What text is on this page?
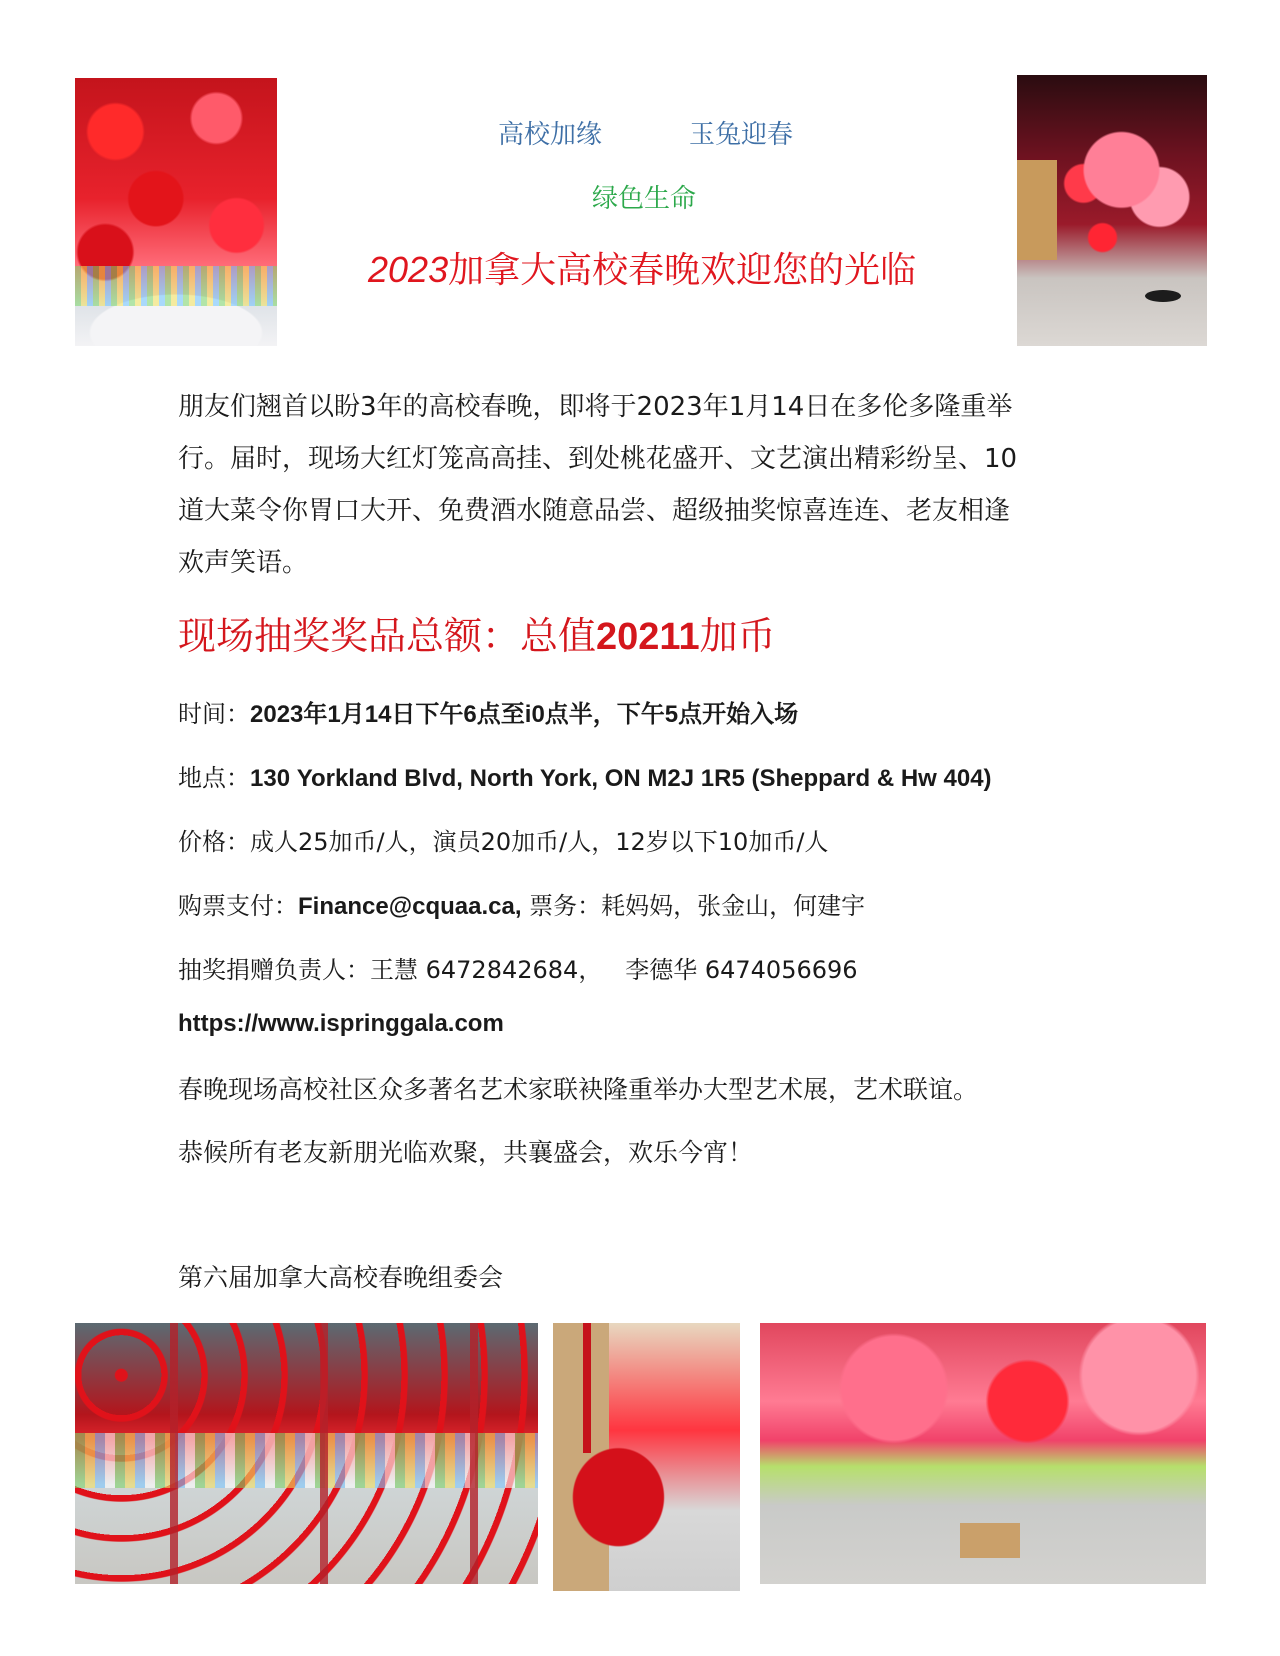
高校加缘	玉兔迎春
绿色生命
2023加拿大高校春晚欢迎您的光临
朋友们翘首以盼3年的高校春晚，即将于2023年1月14日在多伦多隆重举
行。届时，现场大红灯笼高高挂、到处桃花盛开、文艺演出精彩纷呈、10
道大菜令你胃口大开、免费酒水随意品尝、超级抽奖惊喜连连、老友相逢
欢声笑语。
现场抽奖奖品总额：总值20211加币
时间：2023年1月14日下午6点至i0点半，下午5点开始入场
地点：130 Yorkland Blvd, North York, ON M2J 1R5 (Sheppard & Hw 404)
价格：成人25加币/人，演员20加币/人，12岁以下10加币/人
购票支付：Finance@cquaa.ca, 票务：耗妈妈，张金山，何建宇
抽奖捐赠负责人：王慧 6472842684， 李德华 6474056696
https://www.ispringgala.com
春晚现场高校社区众多著名艺术家联袂隆重举办大型艺术展，艺术联谊。
恭候所有老友新朋光临欢聚，共襄盛会，欢乐今宵！
第六届加拿大高校春晚组委会
